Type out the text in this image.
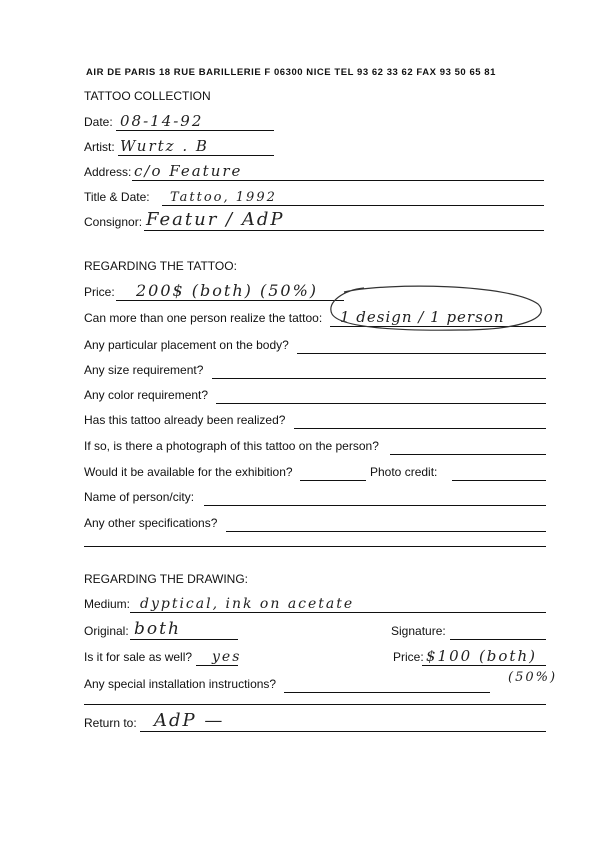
AIR DE PARIS 18 RUE BARILLERIE F 06300 NICE TEL 93 62 33 62 FAX 93 50 65 81
TATTOO COLLECTION
Date: 08-14-92
Artist: Wurtz . B
Address: c/o Feature
Title & Date: Tattoo, 1992
Consignor: Featur / AdP
REGARDING THE TATTOO:
Price: 200$ (both) (50%)
Can more than one person realize the tattoo: 1 design / 1 person
Any particular placement on the body?
Any size requirement?
Any color requirement?
Has this tattoo already been realized?
If so, is there a photograph of this tattoo on the person?
Would it be available for the exhibition?	Photo credit:
Name of person/city:
Any other specifications?
REGARDING THE DRAWING:
Medium: dyptical, ink on acetate
Original: both	Signature:
Is it for sale as well? yes	Price: $100 (both)
(50%)
Any special installation instructions?
Return to: AdP —
